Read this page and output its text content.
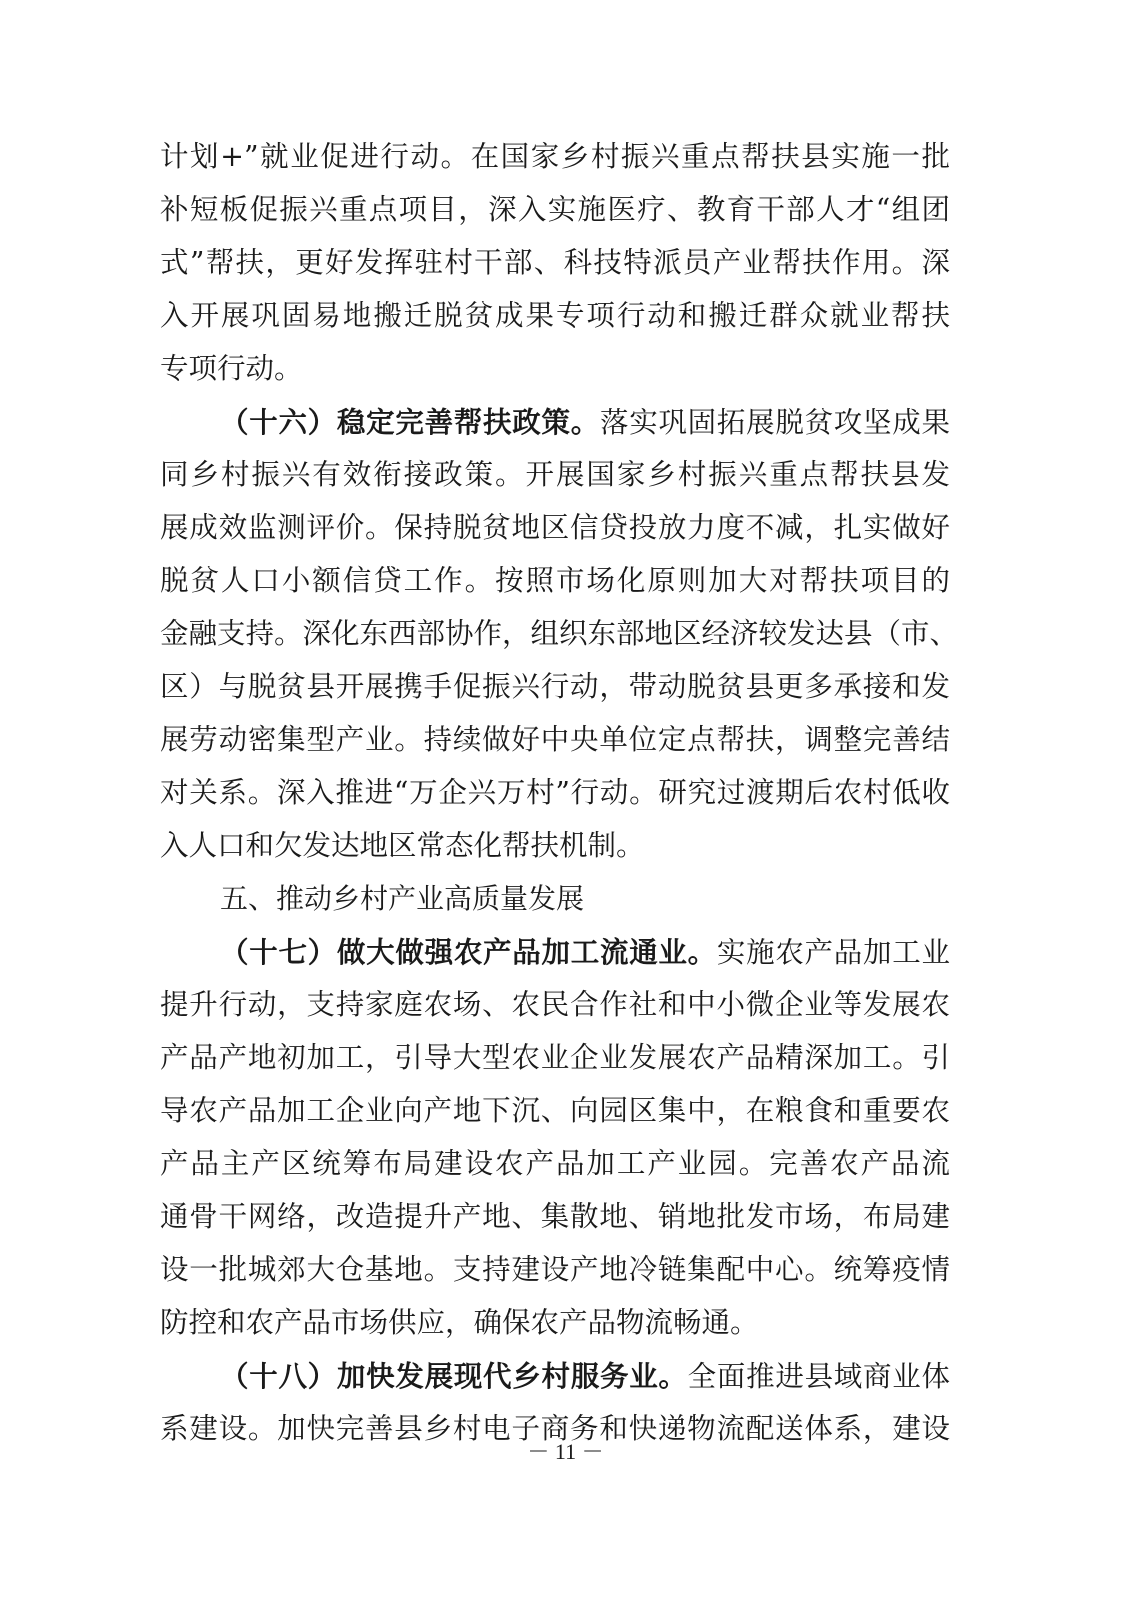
计划+”就业促进行动。在国家乡村振兴重点帮扶县实施一批
补短板促振兴重点项目，深入实施医疗、教育干部人才“组团
式”帮扶，更好发挥驻村干部、科技特派员产业帮扶作用。深
入开展巩固易地搬迁脱贫成果专项行动和搬迁群众就业帮扶
专项行动。
（十六）稳定完善帮扶政策。落实巩固拓展脱贫攻坚成果
同乡村振兴有效衔接政策。开展国家乡村振兴重点帮扶县发
展成效监测评价。保持脱贫地区信贷投放力度不减，扎实做好
脱贫人口小额信贷工作。按照市场化原则加大对帮扶项目的
金融支持。深化东西部协作，组织东部地区经济较发达县（市、
区）与脱贫县开展携手促振兴行动，带动脱贫县更多承接和发
展劳动密集型产业。持续做好中央单位定点帮扶，调整完善结
对关系。深入推进“万企兴万村”行动。研究过渡期后农村低收
入人口和欠发达地区常态化帮扶机制。
五、推动乡村产业高质量发展
（十七）做大做强农产品加工流通业。实施农产品加工业
提升行动，支持家庭农场、农民合作社和中小微企业等发展农
产品产地初加工，引导大型农业企业发展农产品精深加工。引
导农产品加工企业向产地下沉、向园区集中，在粮食和重要农
产品主产区统筹布局建设农产品加工产业园。完善农产品流
通骨干网络，改造提升产地、集散地、销地批发市场，布局建
设一批城郊大仓基地。支持建设产地冷链集配中心。统筹疫情
防控和农产品市场供应，确保农产品物流畅通。
（十八）加快发展现代乡村服务业。全面推进县域商业体
系建设。加快完善县乡村电子商务和快递物流配送体系，建设
－ 11 －
